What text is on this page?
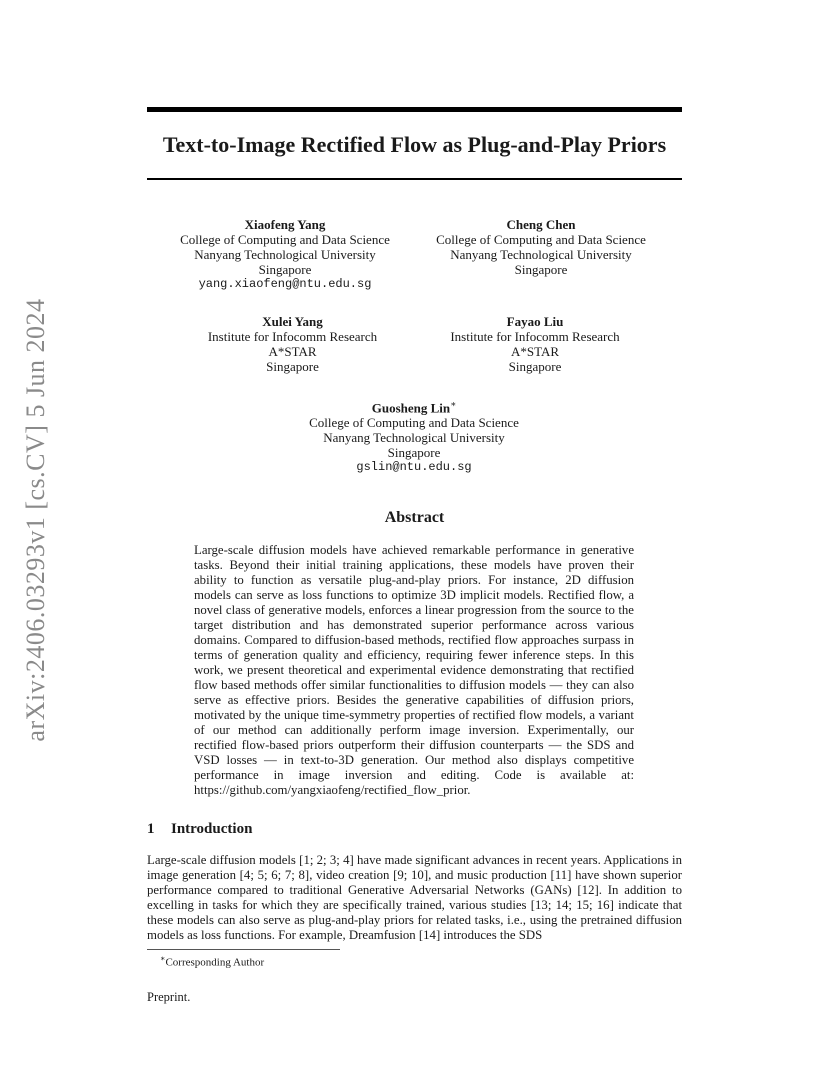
arXiv:2406.03293v1 [cs.CV] 5 Jun 2024
Text-to-Image Rectified Flow as Plug-and-Play Priors
Xiaofeng Yang
College of Computing and Data Science
Nanyang Technological University
Singapore
yang.xiaofeng@ntu.edu.sg
Cheng Chen
College of Computing and Data Science
Nanyang Technological University
Singapore
Xulei Yang
Institute for Infocomm Research
A*STAR
Singapore
Fayao Liu
Institute for Infocomm Research
A*STAR
Singapore
Guosheng Lin∗
College of Computing and Data Science
Nanyang Technological University
Singapore
gslin@ntu.edu.sg
Abstract
Large-scale diffusion models have achieved remarkable performance in generative tasks. Beyond their initial training applications, these models have proven their ability to function as versatile plug-and-play priors. For instance, 2D diffusion models can serve as loss functions to optimize 3D implicit models. Rectified flow, a novel class of generative models, enforces a linear progression from the source to the target distribution and has demonstrated superior performance across various domains. Compared to diffusion-based methods, rectified flow approaches surpass in terms of generation quality and efficiency, requiring fewer inference steps. In this work, we present theoretical and experimental evidence demonstrating that rectified flow based methods offer similar functionalities to diffusion models — they can also serve as effective priors. Besides the generative capabilities of diffusion priors, motivated by the unique time-symmetry properties of rectified flow models, a variant of our method can additionally perform image inversion. Experimentally, our rectified flow-based priors outperform their diffusion counterparts — the SDS and VSD losses — in text-to-3D generation. Our method also displays competitive performance in image inversion and editing. Code is available at: https://github.com/yangxiaofeng/rectified_flow_prior.
1 Introduction
Large-scale diffusion models [1; 2; 3; 4] have made significant advances in recent years. Applications in image generation [4; 5; 6; 7; 8], video creation [9; 10], and music production [11] have shown superior performance compared to traditional Generative Adversarial Networks (GANs) [12]. In addition to excelling in tasks for which they are specifically trained, various studies [13; 14; 15; 16] indicate that these models can also serve as plug-and-play priors for related tasks, i.e., using the pretrained diffusion models as loss functions. For example, Dreamfusion [14] introduces the SDS
∗Corresponding Author
Preprint.
